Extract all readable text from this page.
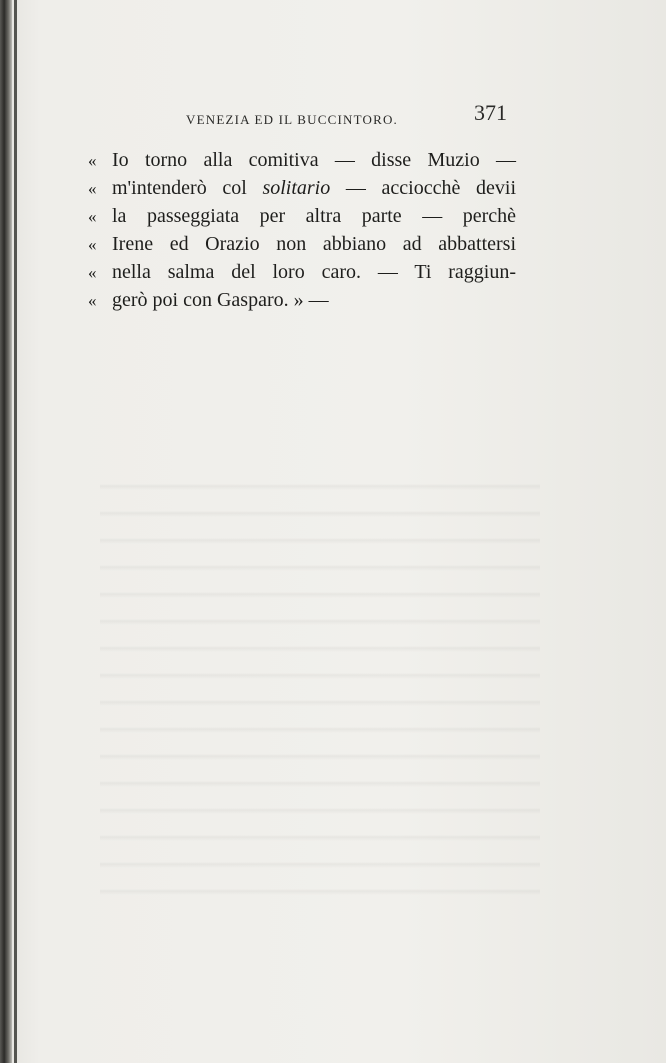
VENEZIA ED IL BUCCINTORO.	371
« Io torno alla comitiva — disse Muzio —
« m'intenderò col solitario — acciocchè devii
« la passeggiata per altra parte — perchè
« Irene ed Orazio non abbiano ad abbattersi
« nella salma del loro caro. — Ti raggiun-
« gerò poi con Gasparo. » —
